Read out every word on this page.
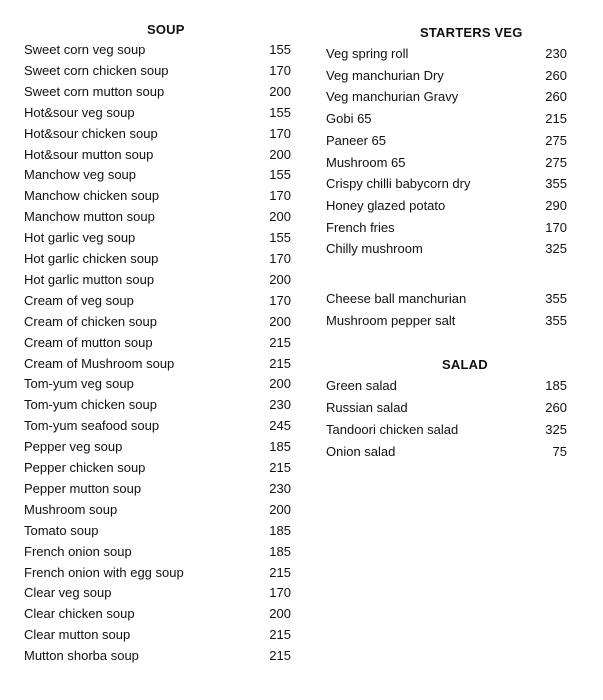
SOUP
Sweet corn veg soup	155
Sweet corn chicken soup	170
Sweet corn mutton soup	200
Hot&sour veg soup	155
Hot&sour chicken soup	170
Hot&sour mutton soup	200
Manchow veg soup	155
Manchow chicken soup	170
Manchow mutton soup	200
Hot garlic veg soup	155
Hot garlic chicken soup	170
Hot garlic mutton soup	200
Cream of veg soup	170
Cream of chicken soup	200
Cream of mutton soup	215
Cream of Mushroom soup	215
Tom-yum veg soup	200
Tom-yum chicken soup	230
Tom-yum seafood soup	245
Pepper veg soup	185
Pepper chicken soup	215
Pepper mutton soup	230
Mushroom soup	200
Tomato soup	185
French onion soup	185
French onion with egg soup	215
Clear veg soup	170
Clear chicken soup	200
Clear mutton soup	215
Mutton shorba soup	215
STARTERS VEG
Veg spring roll	230
Veg manchurian Dry	260
Veg manchurian Gravy	260
Gobi 65	215
Paneer 65	275
Mushroom 65	275
Crispy chilli babycorn dry	355
Honey glazed potato	290
French fries	170
Chilly mushroom	325
Cheese ball manchurian	355
Mushroom pepper salt	355
SALAD
Green salad	185
Russian salad	260
Tandoori chicken salad	325
Onion salad	75
